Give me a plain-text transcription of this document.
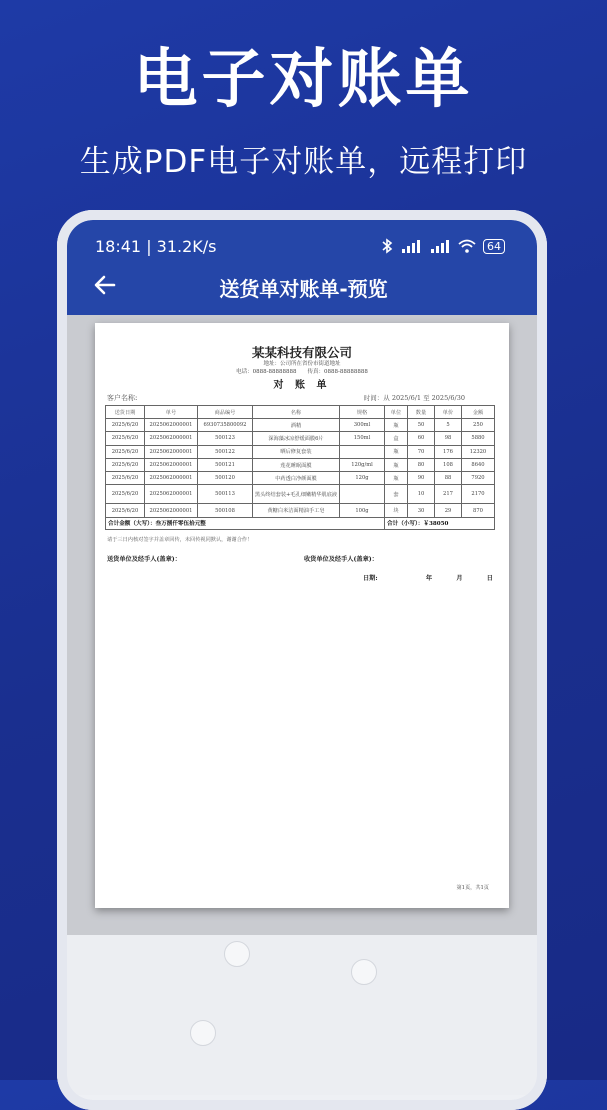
电子对账单
生成PDF电子对账单，远程打印
18:41 | 31.2K/s	64
送货单对账单-预览
某某科技有限公司
地址：公司所在省份市街道地址
电话：0888-88888888　　传真：0888-88888888
对 账 单
客户名称:	时间：从 2025/6/1 至 2025/6/30
送货日期	单号	商品编号	名称	规格	单位	数量	单价	金额
2025/6/20	2025062000001	6930735800092	酒精	300ml	瓶	50	5	250
2025/6/20	2025062000001	500123	深海藻冰凉舒缓面膜6片	150ml	盒	60	98	5880
2025/6/20	2025062000001	500122	晒后修复套装		瓶	70	176	12320
2025/6/20	2025062000001	500121	莲花睡眠面膜	120g/ml	瓶	80	108	8640
2025/6/20	2025062000001	500120	中药透白净颜面膜	120g	瓶	90	88	7920
2025/6/20	2025062000001	500113	黑头终结套装+毛孔细嫩精华肌底液		套	10	217	2170
2025/6/20	2025062000001	500108	黄糖白米洁面精油手工皂	100g	块	30	29	870
合计金额（大写）：叁万捌仟零伍拾元整					合计（小写）：￥38050			
请于三日内核对签字并盖章回传，未回传视同默认，谢谢合作！
送货单位及经手人(盖章)：	收货单位及经手人(盖章)：
日期:	年	月	日
第1页，共1页
